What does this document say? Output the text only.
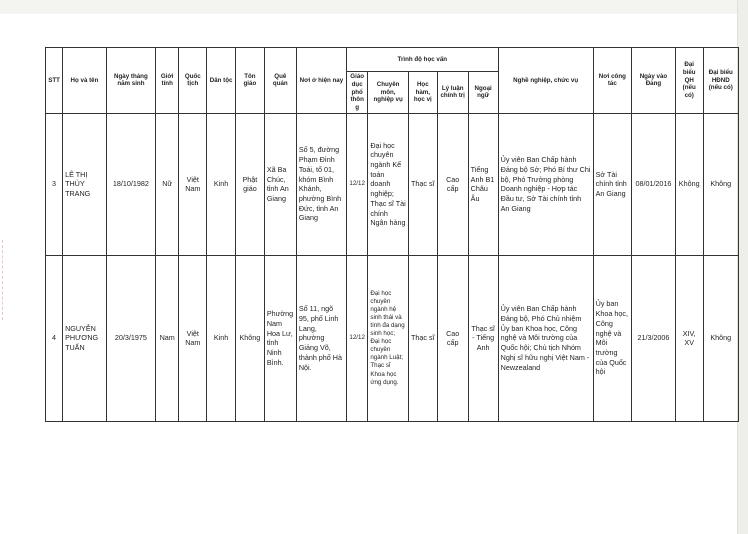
STT	Họ và tên	Ngày tháng năm sinh	Giới tính	Quốc tịch	Dân tộc	Tôn giáo	Quê quán	Nơi ở hiện nay	Trình độ học vấn					Nghề nghiệp, chức vụ	Nơi công tác	Ngày vào Đảng	Đại biểu QH (nếu có)	Đại biểu HĐND (nếu có)
									Giáo dục phổ thông	Chuyên môn, nghiệp vụ	Học hàm, học vị	Lý luận chính trị	Ngoại ngữ					
3	LÊ THỊ THÙY TRANG	18/10/1982	Nữ	Việt Nam	Kinh	Phật giáo	Xã Ba Chúc, tỉnh An Giang	Số 5, đường Phạm Đình Toái, tổ 01, khóm Bình Khánh, phường Bình Đức, tỉnh An Giang	12/12	Đại học chuyên ngành Kế toán doanh nghiệp; Thạc sĩ Tài chính Ngân hàng	Thạc sĩ	Cao cấp	Tiếng Anh B1 Châu Âu	Ủy viên Ban Chấp hành Đảng bộ Sở; Phó Bí thư Chi bộ, Phó Trưởng phòng Doanh nghiệp - Hợp tác Đầu tư, Sở Tài chính tỉnh An Giang	Sở Tài chính tỉnh An Giang	08/01/2016	Không	Không
4	NGUYỄN PHƯƠNG TUẤN	20/3/1975	Nam	Việt Nam	Kinh	Không	Phường Nam Hoa Lư, tỉnh Ninh Bình.	Số 11, ngõ 95, phố Linh Lang, phường Giảng Võ, thành phố Hà Nội.	12/12	Đại học chuyên ngành hệ sinh thái và tính đa dạng sinh học; Đại học chuyên ngành Luật; Thạc sĩ Khoa học ứng dụng.	Thạc sĩ	Cao cấp	Thạc sĩ - Tiếng Anh	Ủy viên Ban Chấp hành Đảng bộ, Phó Chủ nhiệm Ủy ban Khoa học, Công nghệ và Môi trường của Quốc hội; Chủ tịch Nhóm Nghị sĩ hữu nghị Việt Nam - Newzealand	Ủy ban Khoa học, Công nghệ và Môi trường của Quốc hội	21/3/2006	XIV, XV	Không
